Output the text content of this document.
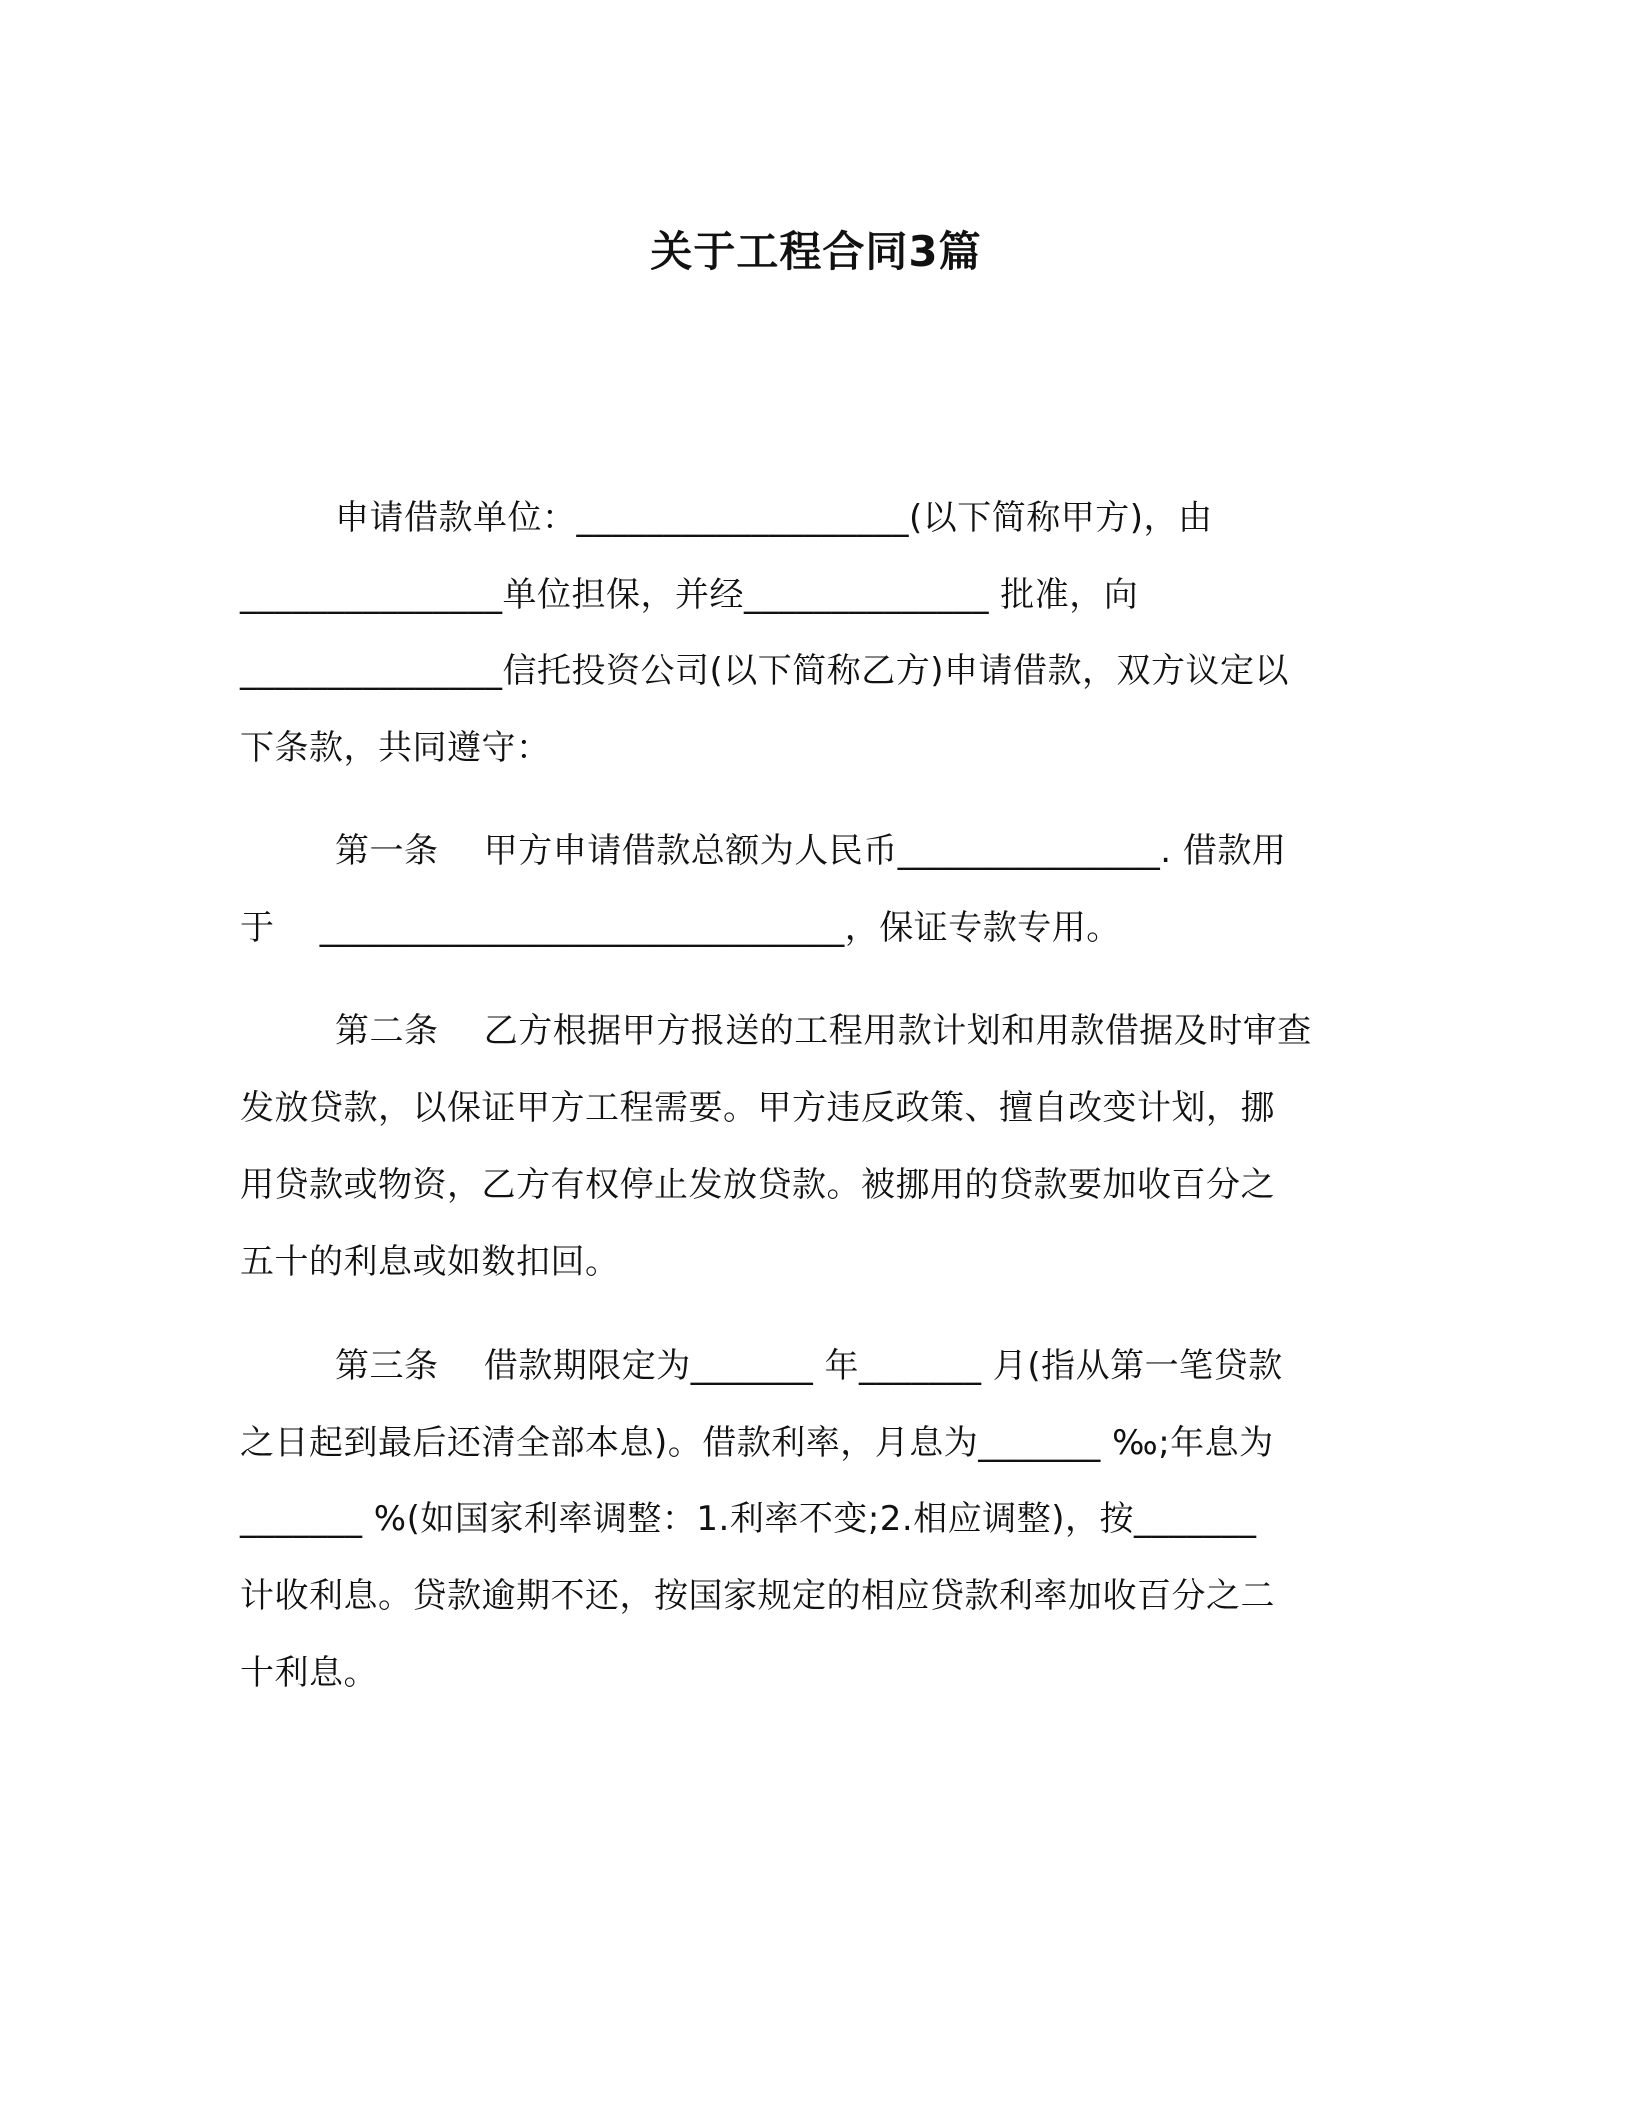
关于工程合同3篇
申请借款单位：___________________(以下简称甲方)，由
_______________单位担保，并经______________ 批准，向
_______________信托投资公司(以下简称乙方)申请借款，双方议定以
下条款，共同遵守：
第一条    甲方申请借款总额为人民币_______________. 借款用
于    ______________________________，保证专款专用。
第二条    乙方根据甲方报送的工程用款计划和用款借据及时审查
发放贷款，以保证甲方工程需要。甲方违反政策、擅自改变计划，挪
用贷款或物资，乙方有权停止发放贷款。被挪用的贷款要加收百分之
五十的利息或如数扣回。
第三条    借款期限定为_______ 年_______ 月(指从第一笔贷款
之日起到最后还清全部本息)。借款利率，月息为_______ ‰;年息为
_______ %(如国家利率调整：1.利率不变;2.相应调整)，按_______
计收利息。贷款逾期不还，按国家规定的相应贷款利率加收百分之二
十利息。
